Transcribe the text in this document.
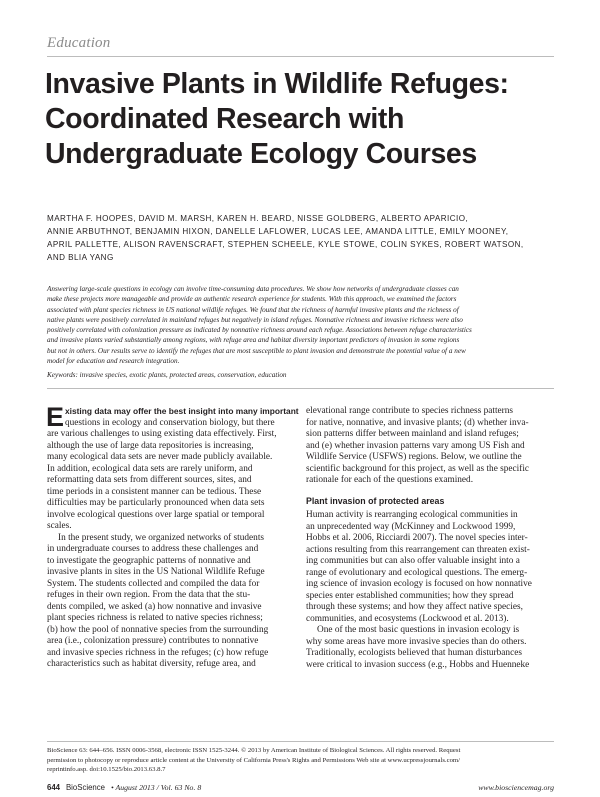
Education
Invasive Plants in Wildlife Refuges:
Coordinated Research with
Undergraduate Ecology Courses
MARTHA F. HOOPES, DAVID M. MARSH, KAREN H. BEARD, NISSE GOLDBERG, ALBERTO APARICIO,
ANNIE ARBUTHNOT, BENJAMIN HIXON, DANELLE LAFLOWER, LUCAS LEE, AMANDA LITTLE, EMILY MOONEY,
APRIL PALLETTE, ALISON RAVENSCRAFT, STEPHEN SCHEELE, KYLE STOWE, COLIN SYKES, ROBERT WATSON,
AND BLIA YANG
Answering large-scale questions in ecology can involve time-consuming data procedures. We show how networks of undergraduate classes can
make these projects more manageable and provide an authentic research experience for students. With this approach, we examined the factors
associated with plant species richness in US national wildlife refuges. We found that the richness of harmful invasive plants and the richness of
native plants were positively correlated in mainland refuges but negatively in island refuges. Nonnative richness and invasive richness were also
positively correlated with colonization pressure as indicated by nonnative richness around each refuge. Associations between refuge characteristics
and invasive plants varied substantially among regions, with refuge area and habitat diversity important predictors of invasion in some regions
but not in others. Our results serve to identify the refuges that are most susceptible to plant invasion and demonstrate the potential value of a new
model for education and research integration.
Keywords: invasive species, exotic plants, protected areas, conservation, education
E xisting data may offer the best insight into many important
questions in ecology and conservation biology, but there
are various challenges to using existing data effectively. First,
although the use of large data repositories is increasing,
many ecological data sets are never made publicly available.
In addition, ecological data sets are rarely uniform, and
reformatting data sets from different sources, sites, and
time periods in a consistent manner can be tedious. These
difficulties may be particularly pronounced when data sets
involve ecological questions over large spatial or temporal
scales.
In the present study, we organized networks of students
in undergraduate courses to address these challenges and
to investigate the geographic patterns of nonnative and
invasive plants in sites in the US National Wildlife Refuge
System. The students collected and compiled the data for
refuges in their own region. From the data that the stu-
dents compiled, we asked (a) how nonnative and invasive
plant species richness is related to native species richness;
(b) how the pool of nonnative species from the surrounding
area (i.e., colonization pressure) contributes to nonnative
and invasive species richness in the refuges; (c) how refuge
characteristics such as habitat diversity, refuge area, and
elevational range contribute to species richness patterns
for native, nonnative, and invasive plants; (d) whether inva-
sion patterns differ between mainland and island refuges;
and (e) whether invasion patterns vary among US Fish and
Wildlife Service (USFWS) regions. Below, we outline the
scientific background for this project, as well as the specific
rationale for each of the questions examined.
Plant invasion of protected areas
Human activity is rearranging ecological communities in
an unprecedented way (McKinney and Lockwood 1999,
Hobbs et al. 2006, Ricciardi 2007). The novel species inter-
actions resulting from this rearrangement can threaten exist-
ing communities but can also offer valuable insight into a
range of evolutionary and ecological questions. The emerg-
ing science of invasion ecology is focused on how nonnative
species enter established communities; how they spread
through these systems; and how they affect native species,
communities, and ecosystems (Lockwood et al. 2013).
One of the most basic questions in invasion ecology is
why some areas have more invasive species than do others.
Traditionally, ecologists believed that human disturbances
were critical to invasion success (e.g., Hobbs and Huenneke
BioScience 63: 644–656. ISSN 0006-3568, electronic ISSN 1525-3244. © 2013 by American Institute of Biological Sciences. All rights reserved. Request
permission to photocopy or reproduce article content at the University of California Press's Rights and Permissions Web site at www.ucpressjournals.com/
reprintinfo.asp. doi:10.1525/bio.2013.63.8.7
644 BioScience • August 2013 / Vol. 63 No. 8	www.biosciencemag.org
